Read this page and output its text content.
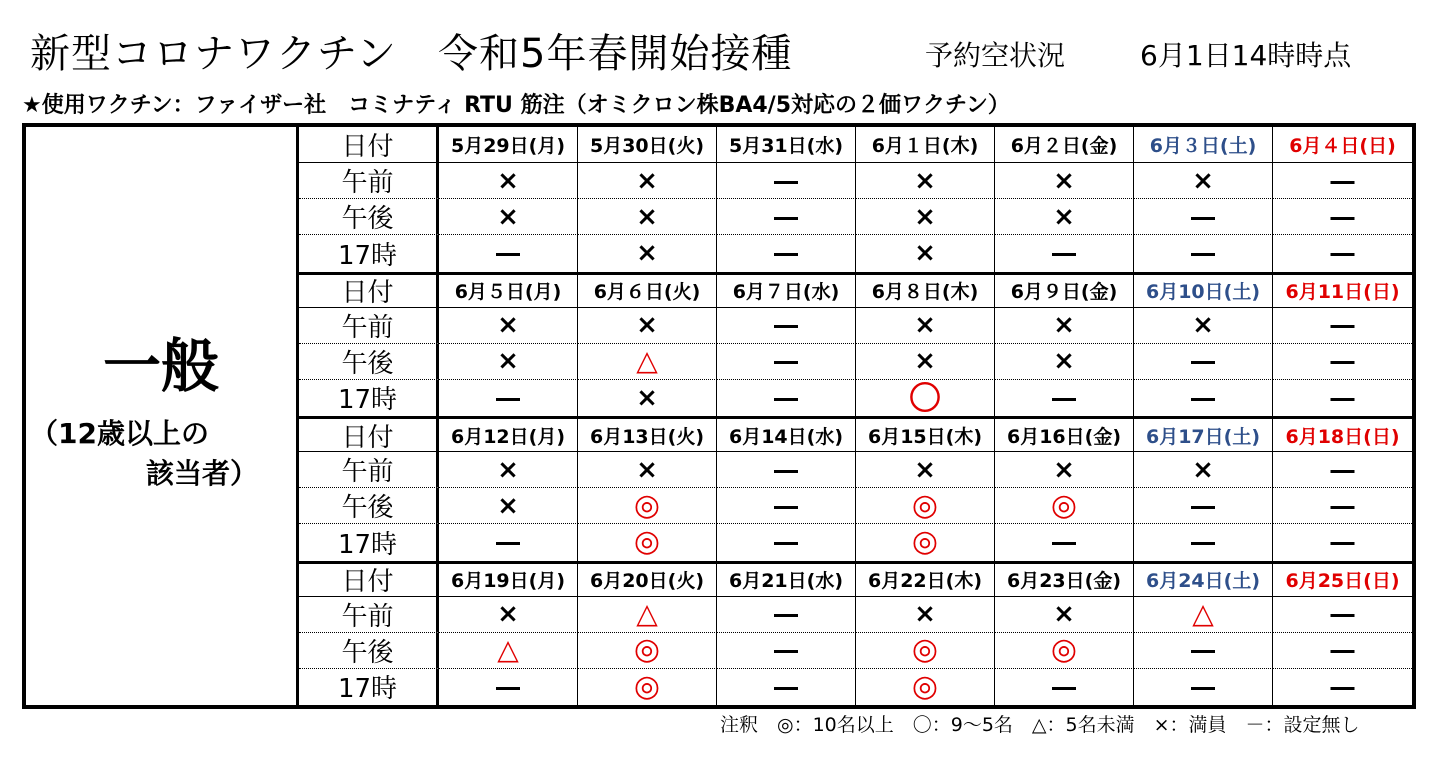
新型コロナワクチン　令和5年春開始接種	予約空状況	6月1日14時時点
★使用ワクチン：ファイザー社　コミナティ RTU 筋注（オミクロン株BA4/5対応の２価ワクチン）
一般
（12歳以上の
該当者）
日付	5月29日(月)	5月30日(火)	5月31日(水)	6月１日(木)	6月２日(金)	6月３日(土)	6月４日(日)
午前	×	×	―	×	×	×	―
午後	×	×	―	×	×	―	―
17時	―	×	―	×	―	―	―
日付	6月５日(月)	6月６日(火)	6月７日(水)	6月８日(木)	6月９日(金)	6月10日(土)	6月11日(日)
午前	×	×	―	×	×	×	―
午後	×	△	―	×	×	―	―
17時	―	×	―	〇	―	―	―
日付	6月12日(月)	6月13日(火)	6月14日(水)	6月15日(木)	6月16日(金)	6月17日(土)	6月18日(日)
午前	×	×	―	×	×	×	―
午後	×	◎	―	◎	◎	―	―
17時	―	◎	―	◎	―	―	―
日付	6月19日(月)	6月20日(火)	6月21日(水)	6月22日(木)	6月23日(金)	6月24日(土)	6月25日(日)
午前	×	△	―	×	×	△	―
午後	△	◎	―	◎	◎	―	―
17時	―	◎	―	◎	―	―	―
注釈　◎：10名以上　〇：9～5名　△：5名未満　×：満員　－：設定無し
